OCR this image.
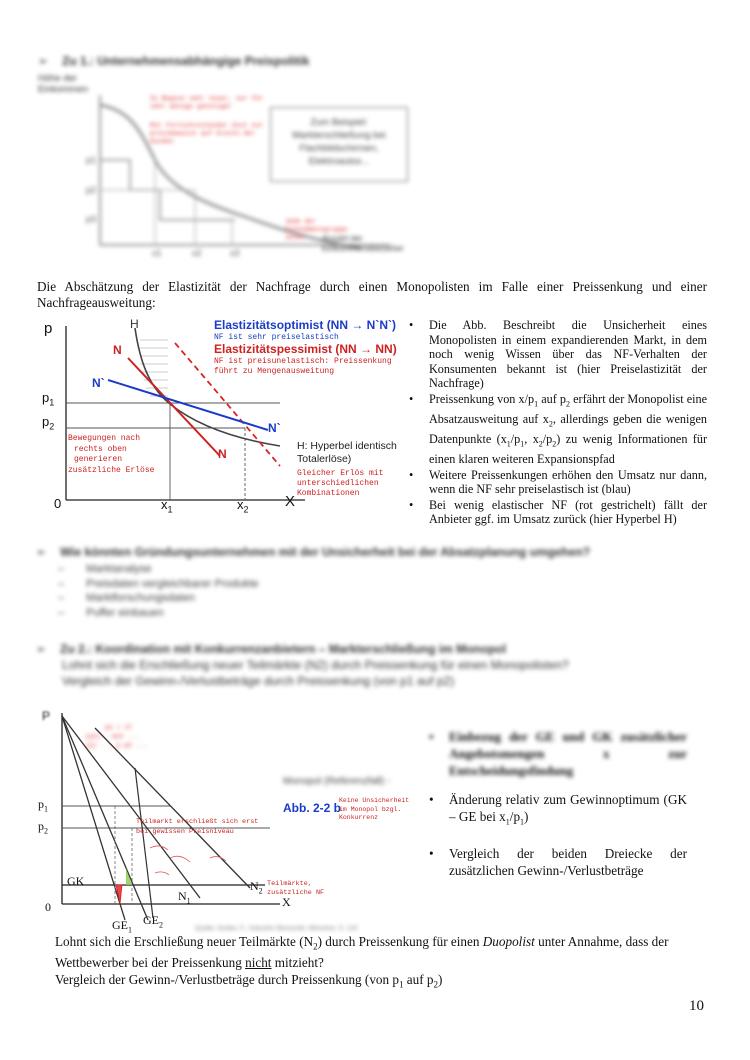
➢ Zu 1.: Unternehmensabhängige Preispolitik
Höhe der Einkommen
p1
p2
p3
x1	x2	x3
Zu Beginn sehr teuer, nur für sehr wenige günstiger
Mit fortschreitender Zeit nur preisbewusst auf breite der Kunden
Jede der Einkommensgruppe senkt	Anzahl der Einkommensbezieher
Zum Beispiel: Markterschließung bei Flachbildschirmen, Elektroautos...
Die Abschätzung der Elastizität der Nachfrage durch einen Monopolisten im Falle einer Preissenkung und einer Nachfrageausweitung:
p
X
0
$p_1$
$p_2$
$x_1$	$x_2$
H
N
N
N`
N`
Elastizitätsoptimist (NN → N`N`)
NF ist sehr preiselastisch
Elastizitätspessimist (NN → NN)
NF ist preisunelastisch: Preissenkung
führt zu Mengenausweitung
Bewegungen nach
rechts oben
generieren
zusätzliche Erlöse
H: Hyperbel identisch
Totalerlöse)
Gleicher Erlös mit
unterschiedlichen
Kombinationen
• Die Abb. Beschreibt die Unsicherheit eines Monopolisten in einem expandierenden Markt, in dem noch wenig Wissen über das NF-Verhalten der Konsumenten bekannt ist (hier Preiselastizität der Nachfrage)
• Preissenkung von $x/p_1$ auf $p_2$ erfährt der Monopolist eine Absatzausweitung auf $x_2$, allerdings geben die wenigen Datenpunkte ($x_1/p_1$, $x_2/p_2$) zu wenig Informationen für einen klaren weiteren Expansionspfad
• Weitere Preissenkungen erhöhen den Umsatz nur dann, wenn die NF sehr preiselastisch ist (blau)
• Bei wenig elastischer NF (rot gestrichelt) fällt der Anbieter ggf. im Umsatz zurück (hier Hyperbel H)
➢ Wie könnten Gründungsunternehmen mit der Unsicherheit bei der Absatzplanung umgehen?
– Marktanalyse
– Preisdaten vergleichbarer Produkte
– Marktforschungsdaten
– Puffer einbauen
➢ Zu 2.: Koordination mit Konkurrenzanbietern – Markterschließung im Monopol
Lohnt sich die Erschließung neuer Teilmärkte (N2) durch Preissenkung für einen Monopolisten?
Vergleich der Gewinn-/Verlustbeträge durch Preissenkung (von p1 auf p2)
P
p1 = 1?
(p2) - mit ...
(p) - - p p2 ...
$p_1$
$p_2$
GK
0	X
$N_1$
$N_2$
$GE_1$
$GE_2$
Teilmarkt erschließt sich erst
bei gewissen Preisniveau
Teilmärkte,
zusätzliche NF
Monopol (Referenzfall) -
Abb. 2-2 b
Keine Unsicherheit
im Monopol bzgl.
Konkurrenz
Quelle: Kerber, F., Industrie Ökonomik, München, S. 120
• Einbezug der GE und GK zusätzlicher Angebotsmengen x zur Entscheidungsfindung
• Änderung relativ zum Gewinnoptimum (GK – GE bei $x_1/p_1$)
• Vergleich der beiden Dreiecke der zusätzlichen Gewinn-/Verlustbeträge
Lohnt sich die Erschließung neuer Teilmärkte $(N_2)$ durch Preissenkung für einen Duopolist unter Annahme, dass der
Wettbewerber bei der Preissenkung nicht mitzieht?
Vergleich der Gewinn-/Verlustbeträge durch Preissenkung (von $p_1$ auf $p_2$)
10
